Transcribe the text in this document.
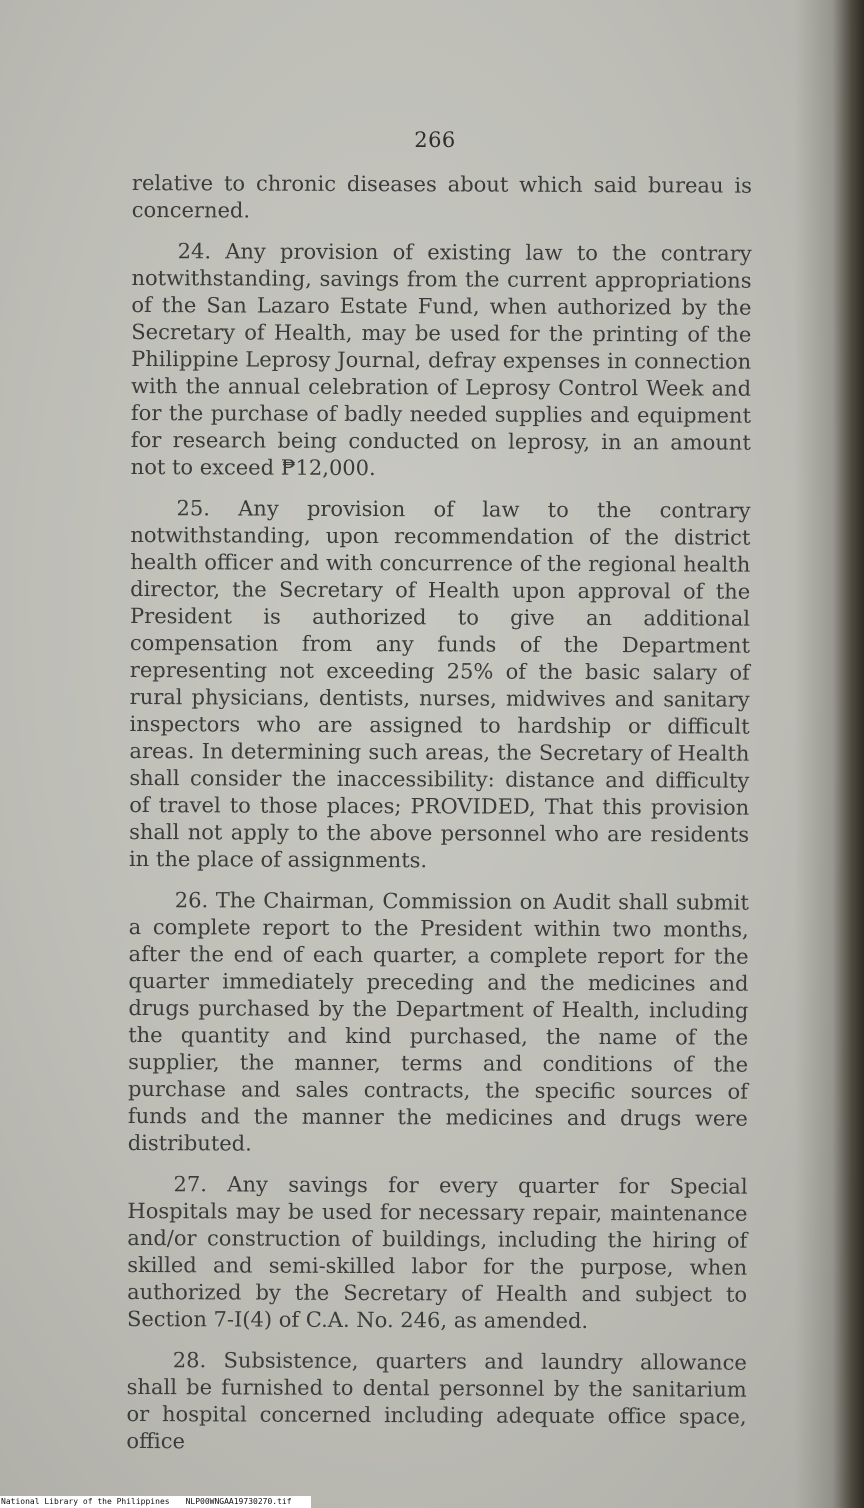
266

relative to chronic diseases about which said bureau is concerned.

24. Any provision of existing law to the contrary notwithstanding, savings from the current appropriations of the San Lazaro Estate Fund, when authorized by the Secretary of Health, may be used for the printing of the Philippine Leprosy Journal, defray expenses in connection with the annual celebration of Leprosy Control Week and for the purchase of badly needed supplies and equipment for research being conducted on leprosy, in an amount not to exceed ₱12,000.

25. Any provision of law to the contrary notwithstanding, upon recommendation of the district health officer and with concurrence of the regional health director, the Secretary of Health upon approval of the President is authorized to give an additional compensation from any funds of the Department representing not exceeding 25% of the basic salary of rural physicians, dentists, nurses, midwives and sanitary inspectors who are assigned to hardship or difficult areas. In determining such areas, the Secretary of Health shall consider the inaccessibility: distance and difficulty of travel to those places; PROVIDED, That this provision shall not apply to the above personnel who are residents in the place of assignments.

26. The Chairman, Commission on Audit shall submit a complete report to the President within two months, after the end of each quarter, a complete report for the quarter immediately preceding and the medicines and drugs purchased by the Department of Health, including the quantity and kind purchased, the name of the supplier, the manner, terms and conditions of the purchase and sales contracts, the specific sources of funds and the manner the medicines and drugs were distributed.

27. Any savings for every quarter for Special Hospitals may be used for necessary repair, maintenance and/or construction of buildings, including the hiring of skilled and semi-skilled labor for the purpose, when authorized by the Secretary of Health and subject to Section 7-I(4) of C.A. No. 246, as amended.

28. Subsistence, quarters and laundry allowance shall be furnished to dental personnel by the sanitarium or hospital concerned including adequate office space, office

National Library of the Philippines NLP00WNGAA19730270.tif
